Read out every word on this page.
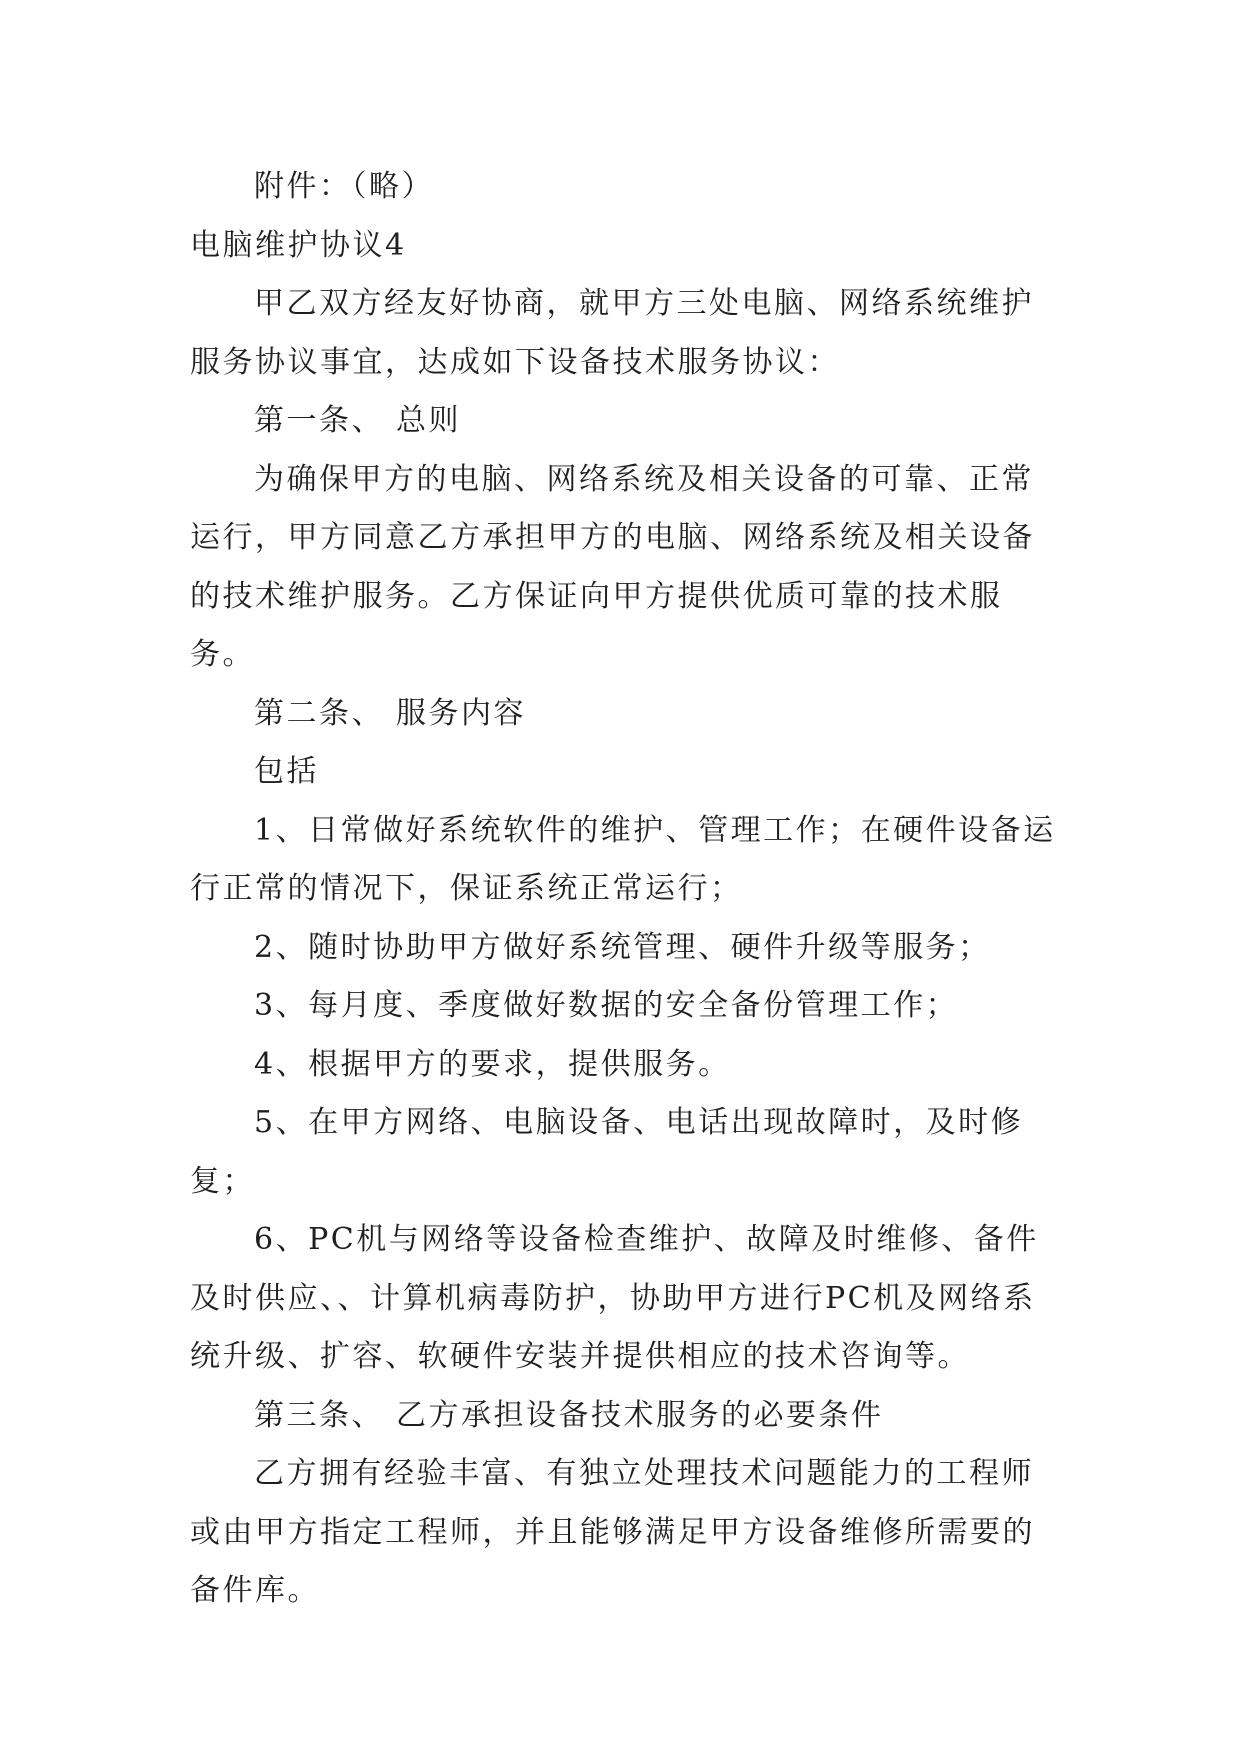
附件：（略）

电脑维护协议4

甲乙双方经友好协商，就甲方三处电脑、网络系统维护服务协议事宜，达成如下设备技术服务协议：

第一条、 总则

为确保甲方的电脑、网络系统及相关设备的可靠、正常运行，甲方同意乙方承担甲方的电脑、网络系统及相关设备的技术维护服务。乙方保证向甲方提供优质可靠的技术服务。

第二条、 服务内容

包括

1、日常做好系统软件的维护、管理工作；在硬件设备运行正常的情况下，保证系统正常运行；

2、随时协助甲方做好系统管理、硬件升级等服务；

3、每月度、季度做好数据的安全备份管理工作；

4、根据甲方的要求，提供服务。

5、在甲方网络、电脑设备、电话出现故障时，及时修复；

6、PC机与网络等设备检查维护、故障及时维修、备件及时供应、、计算机病毒防护，协助甲方进行PC机及网络系统升级、扩容、软硬件安装并提供相应的技术咨询等。

第三条、 乙方承担设备技术服务的必要条件

乙方拥有经验丰富、有独立处理技术问题能力的工程师或由甲方指定工程师，并且能够满足甲方设备维修所需要的备件库。
